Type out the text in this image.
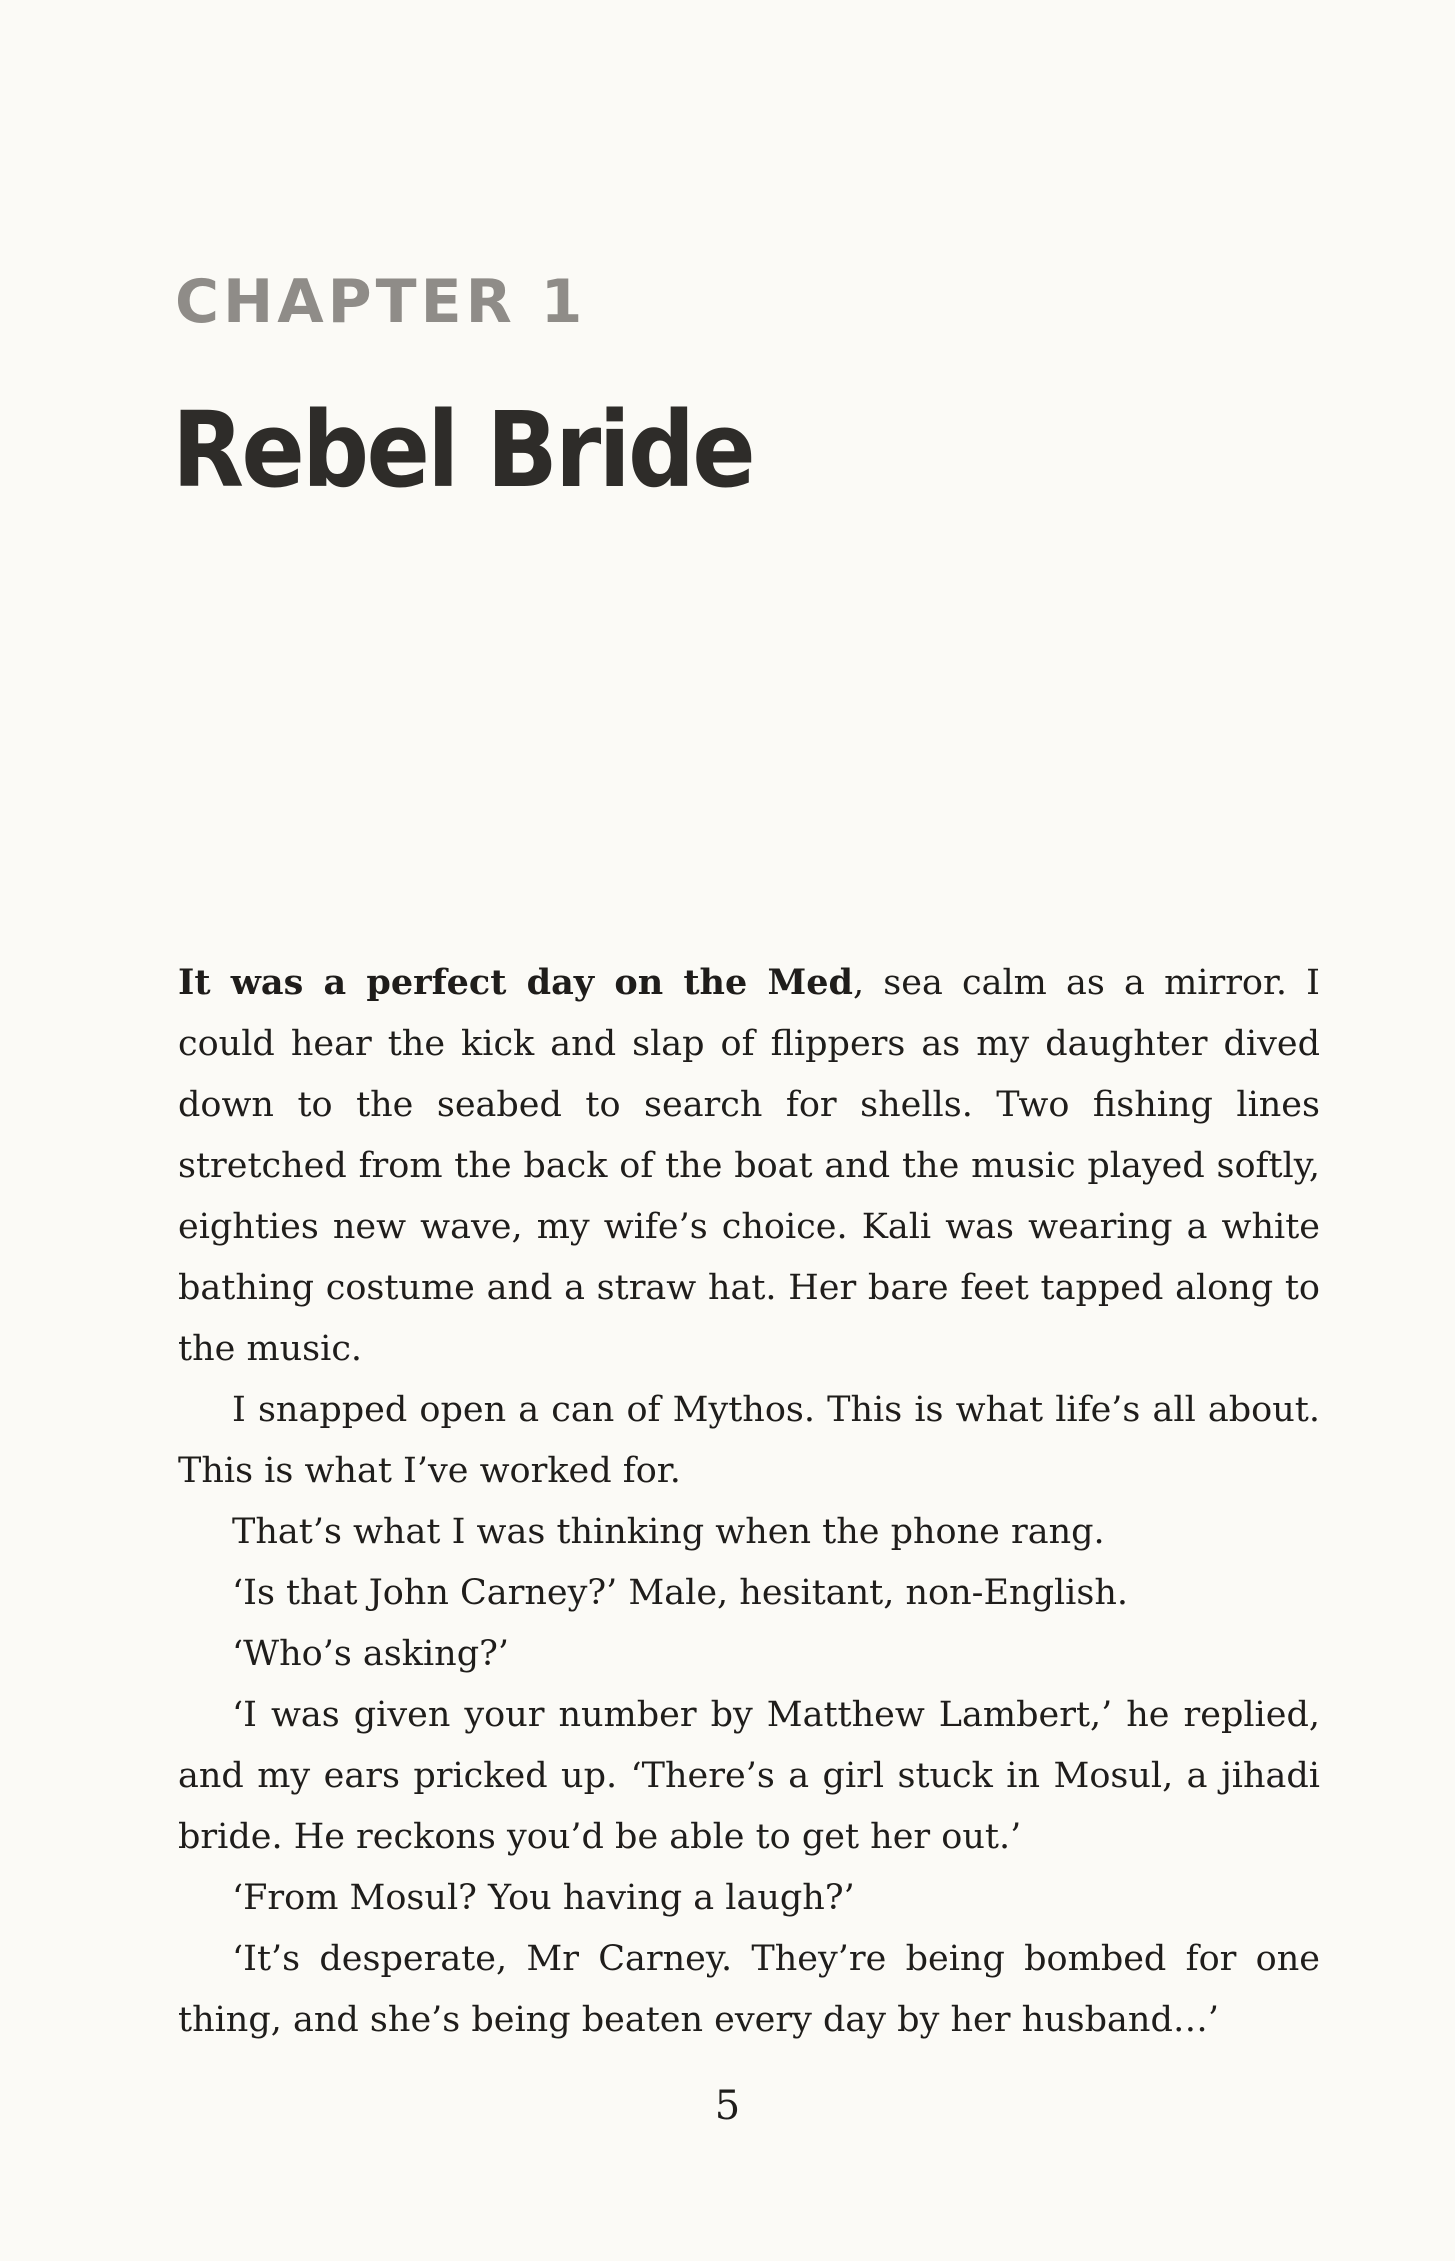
CHAPTER 1
Rebel Bride

It was a perfect day on the Med, sea calm as a mirror. I could hear the kick and slap of flippers as my daughter dived down to the seabed to search for shells. Two fishing lines stretched from the back of the boat and the music played softly, eighties new wave, my wife’s choice. Kali was wearing a white bathing costume and a straw hat. Her bare feet tapped along to the music.

I snapped open a can of Mythos. This is what life’s all about. This is what I’ve worked for.

That’s what I was thinking when the phone rang.

‘Is that John Carney?’ Male, hesitant, non-English.

‘Who’s asking?’

‘I was given your number by Matthew Lambert,’ he replied, and my ears pricked up. ‘There’s a girl stuck in Mosul, a jihadi bride. He reckons you’d be able to get her out.’

‘From Mosul? You having a laugh?’

‘It’s desperate, Mr Carney. They’re being bombed for one thing, and she’s being beaten every day by her husband…’

5
